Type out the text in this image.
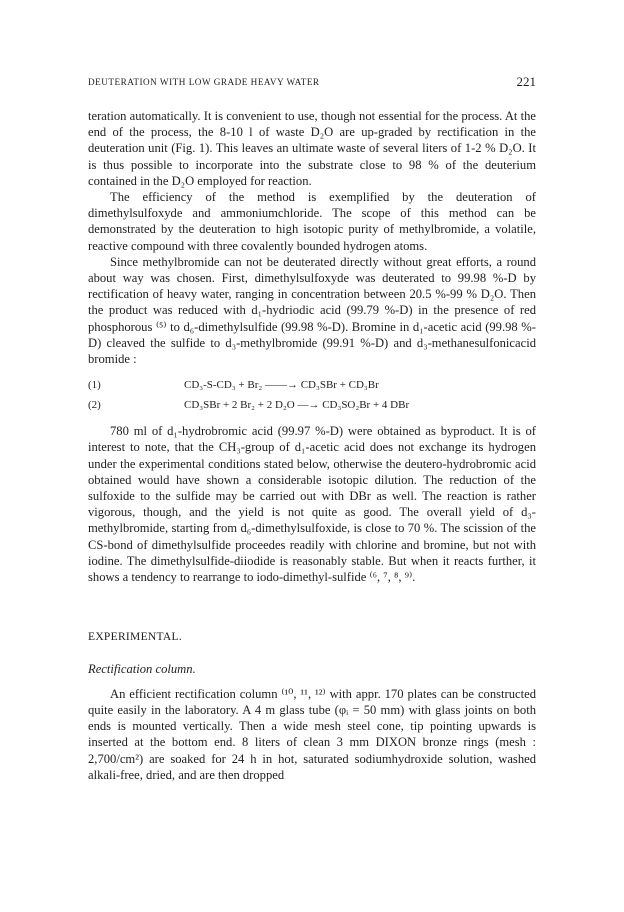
DEUTERATION WITH LOW GRADE HEAVY WATER	221

teration automatically. It is convenient to use, though not essential for the process. At the end of the process, the 8-10 l of waste D₂O are up-graded by rectification in the deuteration unit (Fig. 1). This leaves an ultimate waste of several liters of 1-2 % D₂O. It is thus possible to incorporate into the substrate close to 98 % of the deuterium contained in the D₂O employed for reaction.

The efficiency of the method is exemplified by the deuteration of dimethylsulfoxyde and ammoniumchloride. The scope of this method can be demonstrated by the deuteration to high isotopic purity of methylbromide, a volatile, reactive compound with three covalently bounded hydrogen atoms.

Since methylbromide can not be deuterated directly without great efforts, a round about way was chosen. First, dimethylsulfoxyde was deuterated to 99.98 %-D by rectification of heavy water, ranging in concentration between 20.5 %-99 % D₂O. Then the product was reduced with d₁-hydriodic acid (99.79 %-D) in the presence of red phosphorous ⁽⁵⁾ to d₆-dimethylsulfide (99.98 %-D). Bromine in d₁-acetic acid (99.98 %-D) cleaved the sulfide to d₃-methylbromide (99.91 %-D) and d₃-methanesulfonicacid bromide :

(1)	CD₃-S-CD₃ + Br₂ ——→ CD₃SBr + CD₃Br
(2)	CD₃SBr + 2 Br₂ + 2 D₂O —→ CD₃SO₂Br + 4 DBr

780 ml of d₁-hydrobromic acid (99.97 %-D) were obtained as byproduct. It is of interest to note, that the CH₃-group of d₁-acetic acid does not exchange its hydrogen under the experimental conditions stated below, otherwise the deutero-hydrobromic acid obtained would have shown a considerable isotopic dilution. The reduction of the sulfoxide to the sulfide may be carried out with DBr as well. The reaction is rather vigorous, though, and the yield is not quite as good. The overall yield of d₃-methylbromide, starting from d₆-dimethylsulfoxide, is close to 70 %. The scission of the CS-bond of dimethylsulfide proceedes readily with chlorine and bromine, but not with iodine. The dimethylsulfide-diiodide is reasonably stable. But when it reacts further, it shows a tendency to rearrange to iodo-dimethyl-sulfide ⁽⁶, ⁷, ⁸, ⁹⁾.

EXPERIMENTAL.

Rectification column.

An efficient rectification column ⁽¹⁰, ¹¹, ¹²⁾ with appr. 170 plates can be constructed quite easily in the laboratory. A 4 m glass tube (φᵢ = 50 mm) with glass joints on both ends is mounted vertically. Then a wide mesh steel cone, tip pointing upwards is inserted at the bottom end. 8 liters of clean 3 mm DIXON bronze rings (mesh : 2,700/cm²) are soaked for 24 h in hot, saturated sodiumhydroxide solution, washed alkali-free, dried, and are then dropped
